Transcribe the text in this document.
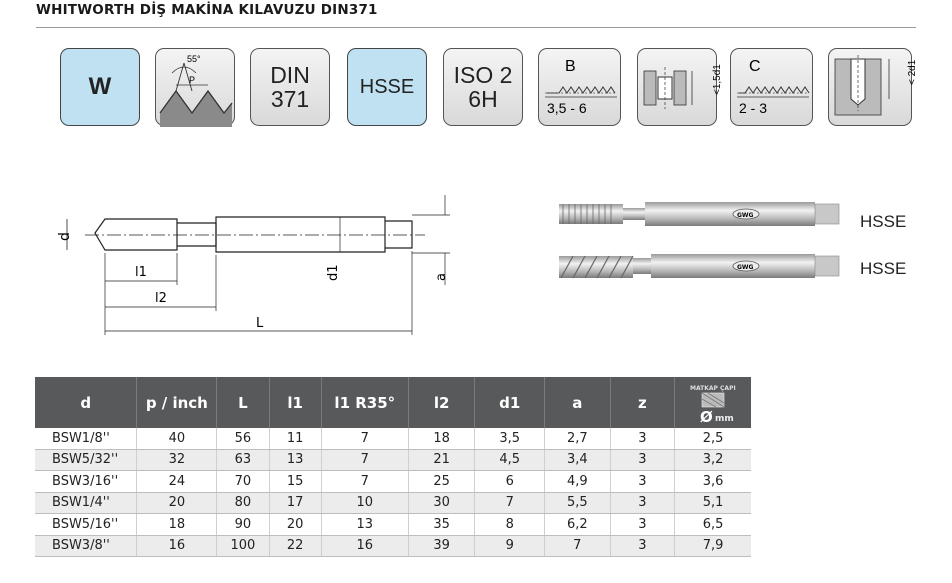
WHITWORTH DİŞ MAKİNA KILAVUZU DIN371
W
55°
P	DIN
371	HSSE ISO 2
6H
B
3,5 - 6
<1,5d1 C
2 - 3
< 2d1
d
l1
l2
L
d1	a
GWG
GWG
HSSE
HSSE
d	p / inch	L	l1	l1 R35°	l2	d1	a	z	MATKAP ÇAPI
Ø mm

BSW1/8''	40	56	11	7	18	3,5	2,7	3	2,5
BSW5/32''	32	63	13	7	21	4,5	3,4	3	3,2
BSW3/16''	24	70	15	7	25	6	4,9	3	3,6
BSW1/4''	20	80	17	10	30	7	5,5	3	5,1
BSW5/16''	18	90	20	13	35	8	6,2	3	6,5
BSW3/8''	16	100	22	16	39	9	7	3	7,9
